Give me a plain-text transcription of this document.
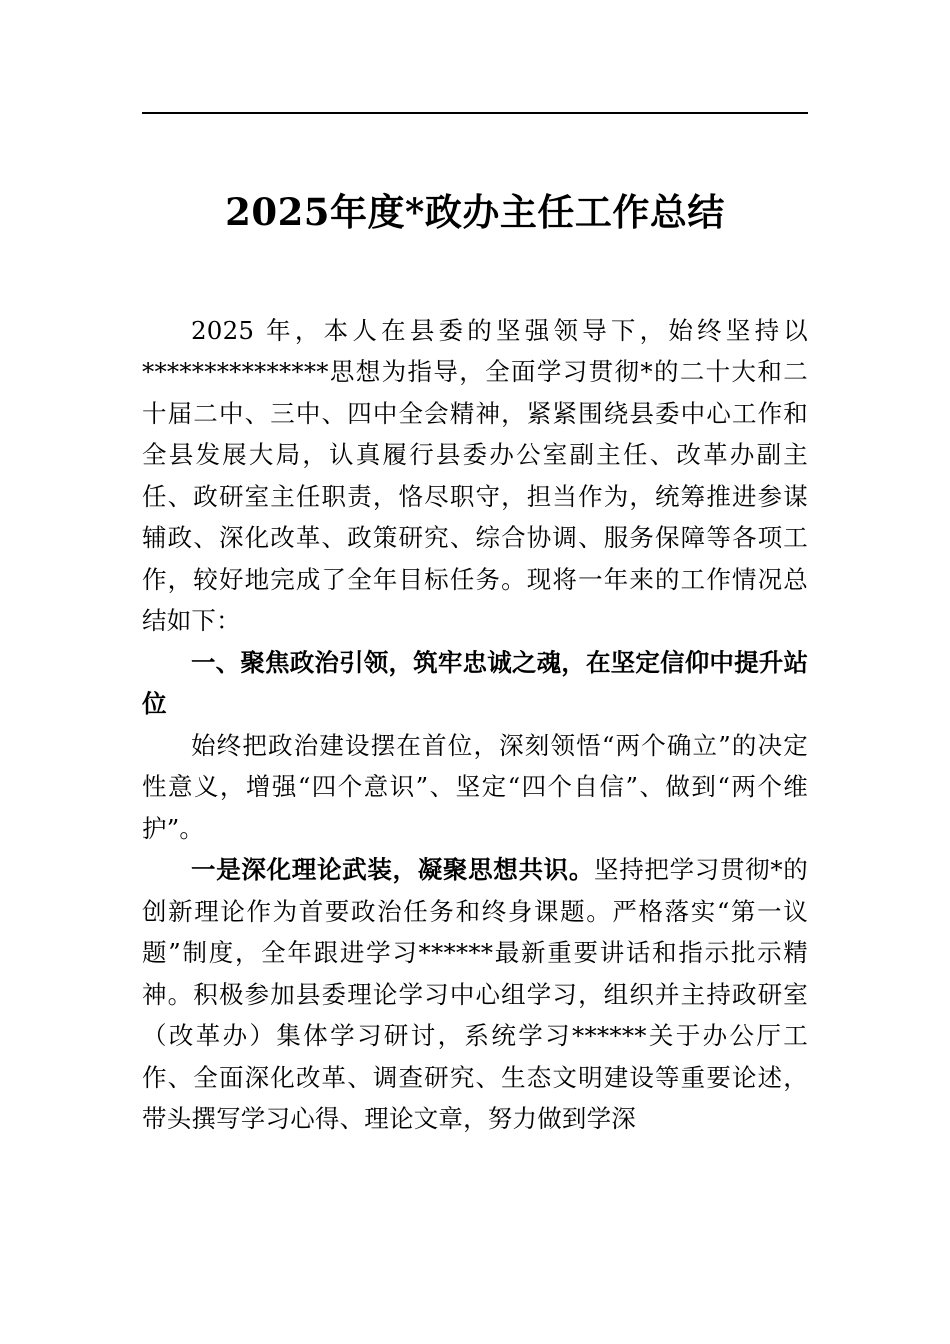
2025年度*政办主任工作总结

2025 年，本人在县委的坚强领导下，始终坚持以***************思想为指导，全面学习贯彻*的二十大和二十届二中、三中、四中全会精神，紧紧围绕县委中心工作和全县发展大局，认真履行县委办公室副主任、改革办副主任、政研室主任职责，恪尽职守，担当作为，统筹推进参谋辅政、深化改革、政策研究、综合协调、服务保障等各项工作，较好地完成了全年目标任务。现将一年来的工作情况总结如下：

一、聚焦政治引领，筑牢忠诚之魂，在坚定信仰中提升站位

始终把政治建设摆在首位，深刻领悟“两个确立”的决定性意义，增强“四个意识”、坚定“四个自信”、做到“两个维护”。

一是深化理论武装，凝聚思想共识。坚持把学习贯彻*的创新理论作为首要政治任务和终身课题。严格落实“第一议题”制度，全年跟进学习******最新重要讲话和指示批示精神。积极参加县委理论学习中心组学习，组织并主持政研室（改革办）集体学习研讨，系统学习******关于办公厅工作、全面深化改革、调查研究、生态文明建设等重要论述，带头撰写学习心得、理论文章，努力做到学深
